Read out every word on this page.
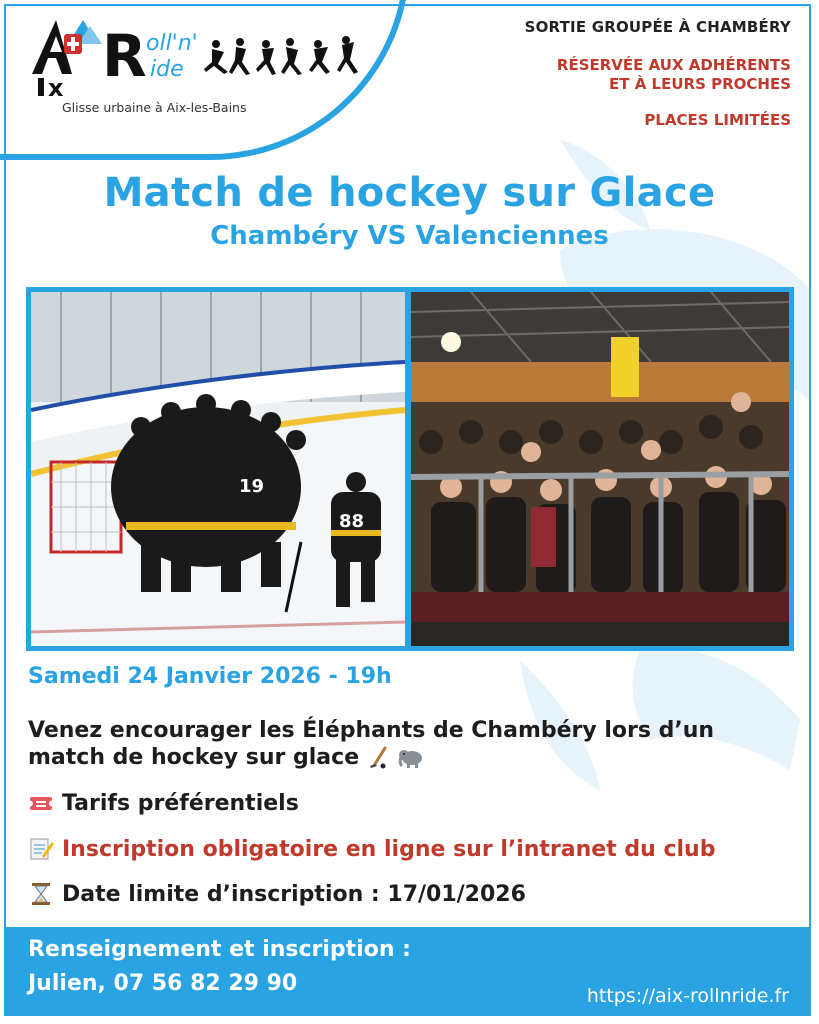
x R oll'n'
ide
Glisse urbaine à Aix-les-Bains
SORTIE GROUPÉE À CHAMBÉRY
RÉSERVÉE AUX ADHÉRENTS
ET À LEURS PROCHES
PLACES LIMITÉES
Match de hockey sur Glace
Chambéry VS Valenciennes
19
88
Samedi 24 Janvier 2026 - 19h
Venez encourager les Éléphants de Chambéry lors d’un match de hockey sur glace
Tarifs préférentiels
Inscription obligatoire en ligne sur l’intranet du club
Date limite d’inscription : 17/01/2026
Renseignement et inscription :
Julien, 07 56 82 29 90	https://aix-rollnride.fr
